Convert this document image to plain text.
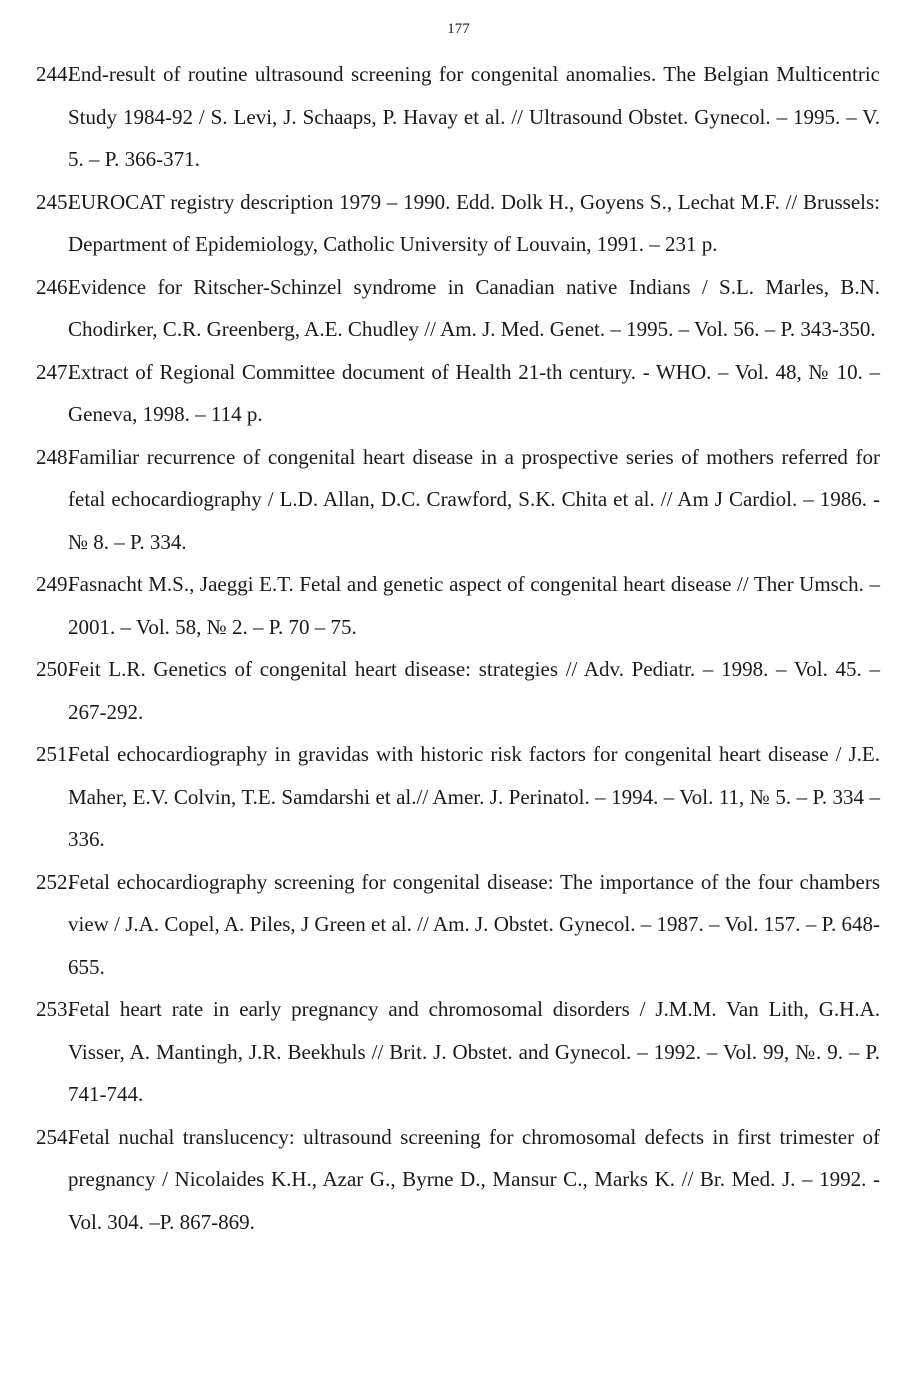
177
244.
End-result of routine ultrasound screening for congenital anomalies. The Belgian Multicentric Study 1984-92 / S. Levi, J. Schaaps, P. Havay et al. // Ultrasound Obstet. Gynecol. – 1995. – V. 5. – P. 366-371.
245.
EUROCAT registry description 1979 – 1990. Edd. Dolk H., Goyens S., Lechat M.F. // Brussels: Department of Epidemiology, Catholic University of Louvain, 1991. – 231 p.
246.
Evidence for Ritscher-Schinzel syndrome in Canadian native Indians / S.L. Marles, B.N. Chodirker, C.R. Greenberg, A.E. Chudley // Am. J. Med. Genet. – 1995. – Vol. 56. – P. 343-350.
247.
Extract of Regional Committee document of Health 21-th century. - WHO. – Vol. 48, № 10. – Geneva, 1998. – 114 p.
248.
Familiar recurrence of congenital heart disease in a prospective series of mothers referred for fetal echocardiography / L.D. Allan, D.C. Crawford, S.K. Chita et al. // Am J Cardiol. – 1986. - № 8. – P. 334.
249.
Fasnacht M.S., Jaeggi E.T. Fetal and genetic aspect of congenital heart disease // Ther Umsch. – 2001. – Vol. 58, № 2. – P. 70 – 75.
250.
Feit L.R. Genetics of congenital heart disease: strategies // Adv. Pediatr. – 1998. – Vol. 45. – 267-292.
251.
Fetal echocardiography in gravidas with historic risk factors for congenital heart disease / J.E. Maher, E.V. Colvin, T.E. Samdarshi et al.// Amer. J. Perinatol. – 1994. – Vol. 11, № 5. – P. 334 – 336.
252.
Fetal echocardiography screening for congenital disease: The importance of the four chambers view / J.A. Copel, A. Piles, J Green et al. // Am. J. Obstet. Gynecol. – 1987. – Vol. 157. – P. 648-655.
253.
Fetal heart rate in early pregnancy and chromosomal disorders / J.M.M. Van Lith, G.H.A. Visser, A. Mantingh, J.R. Beekhuls // Brit. J. Obstet. and Gynecol. – 1992. – Vol. 99, №. 9. – P. 741-744.
254.
Fetal nuchal translucency: ultrasound screening for chromosomal defects in first trimester of pregnancy / Nicolaides K.H., Azar G., Byrne D., Mansur C., Marks K. // Br. Med. J. – 1992. - Vol. 304. –P. 867-869.
